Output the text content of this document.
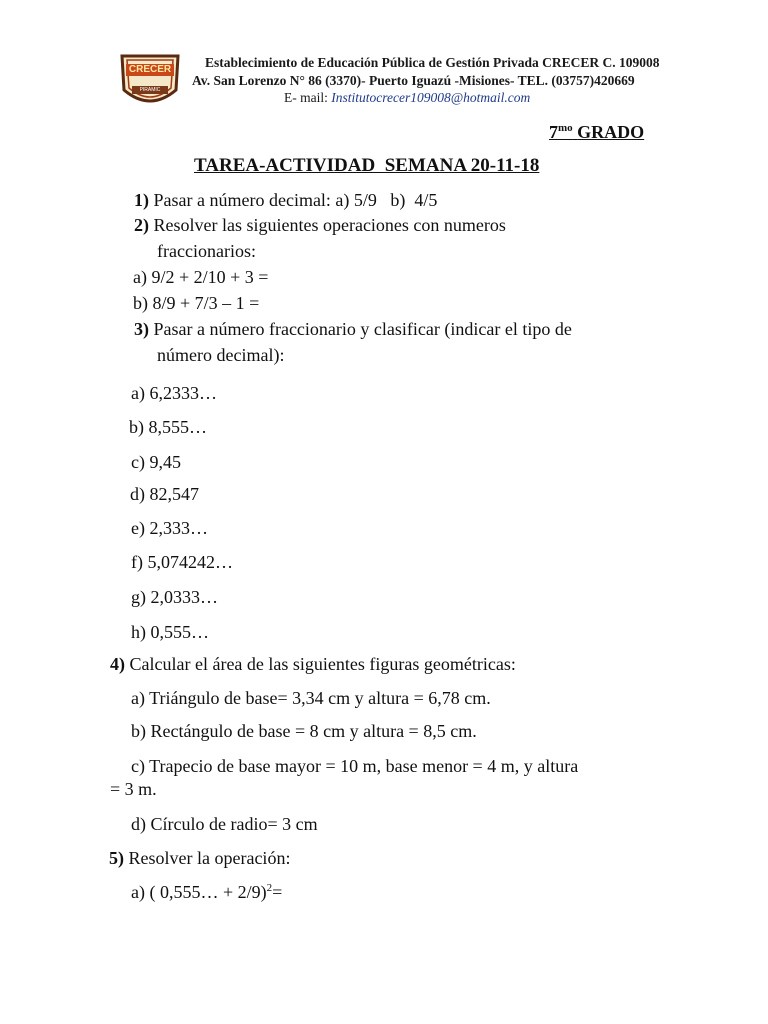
CRECER
PIRAMIC
Establecimiento de Educación Pública de Gestión Privada CRECER C. 109008
Av. San Lorenzo N° 86 (3370)- Puerto Iguazú -Misiones- TEL. (03757)420669
E- mail: Institutocrecer109008@hotmail.com
$7^{mo}$ GRADO
TAREA-ACTIVIDAD  SEMANA 20-11-18
1) Pasar a número decimal: a) 5/9   b)  4/5
2) Resolver las siguientes operaciones con numeros
fraccionarios:
a) 9/2 + 2/10 + 3 =
b) 8/9 + 7/3 – 1 =
3) Pasar a número fraccionario y clasificar (indicar el tipo de
número decimal):
a) 6,2333…
b) 8,555…
c) 9,45
d) 82,547
e) 2,333…
f) 5,074242…
g) 2,0333…
h) 0,555…
4) Calcular el área de las siguientes figuras geométricas:
a) Triángulo de base= 3,34 cm y altura = 6,78 cm.
b) Rectángulo de base = 8 cm y altura = 8,5 cm.
c) Trapecio de base mayor = 10 m, base menor = 4 m, y altura
= 3 m.
d) Círculo de radio= 3 cm
5) Resolver la operación:
a) ( 0,555… + 2/9)$^2$=
